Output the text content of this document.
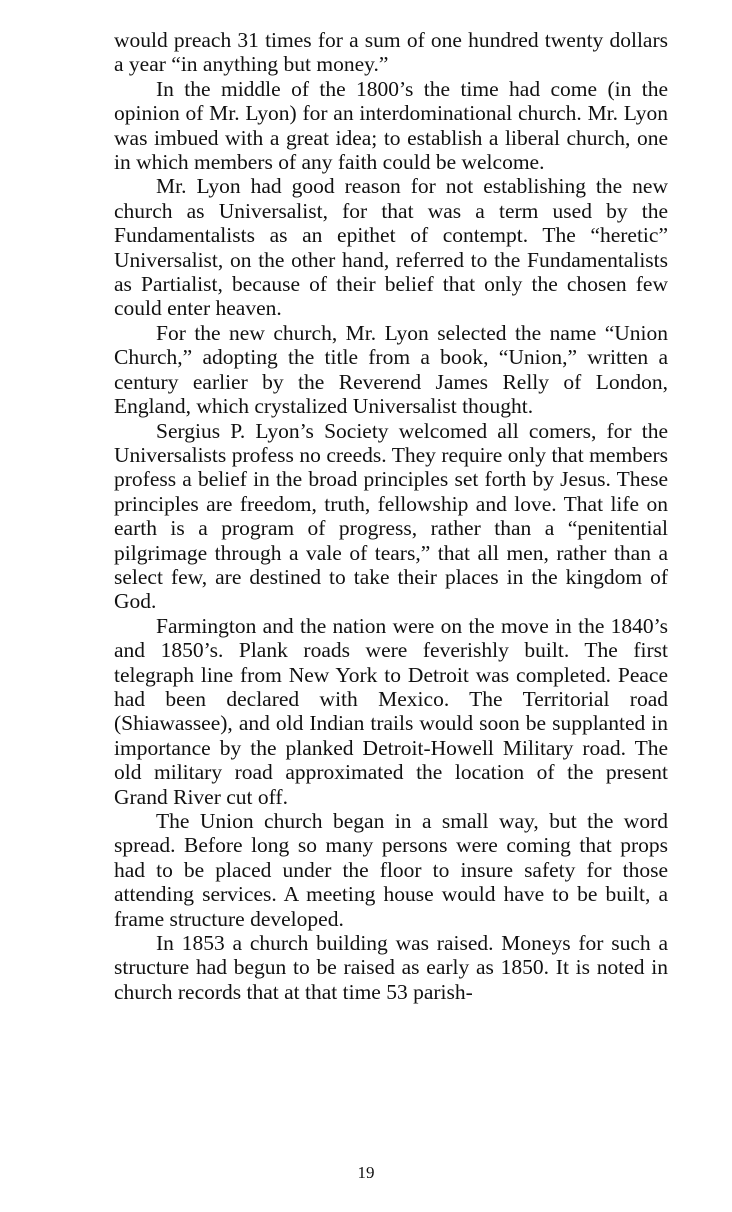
would preach 31 times for a sum of one hundred twenty dollars a year “in anything but money.”

In the middle of the 1800’s the time had come (in the opinion of Mr. Lyon) for an interdominational church. Mr. Lyon was imbued with a great idea; to establish a liberal church, one in which members of any faith could be welcome.

Mr. Lyon had good reason for not establishing the new church as Universalist, for that was a term used by the Fundamentalists as an epithet of contempt. The “heretic” Universalist, on the other hand, referred to the Fundamentalists as Partialist, because of their belief that only the chosen few could enter heaven.

For the new church, Mr. Lyon selected the name “Union Church,” adopting the title from a book, “Union,” written a century earlier by the Reverend James Relly of London, England, which crystalized Universalist thought.

Sergius P. Lyon’s Society welcomed all comers, for the Universalists profess no creeds. They require only that members profess a belief in the broad principles set forth by Jesus. These principles are freedom, truth, fellowship and love. That life on earth is a program of progress, rather than a “penitential pilgrimage through a vale of tears,” that all men, rather than a select few, are destined to take their places in the kingdom of God.

Farmington and the nation were on the move in the 1840’s and 1850’s. Plank roads were feverishly built. The first telegraph line from New York to Detroit was completed. Peace had been declared with Mexico. The Territorial road (Shiawassee), and old Indian trails would soon be supplanted in importance by the planked Detroit-Howell Military road. The old military road approximated the location of the present Grand River cut off.

The Union church began in a small way, but the word spread. Before long so many persons were coming that props had to be placed under the floor to insure safety for those attending services. A meeting house would have to be built, a frame structure developed.

In 1853 a church building was raised. Moneys for such a structure had begun to be raised as early as 1850. It is noted in church records that at that time 53 parish-

19
